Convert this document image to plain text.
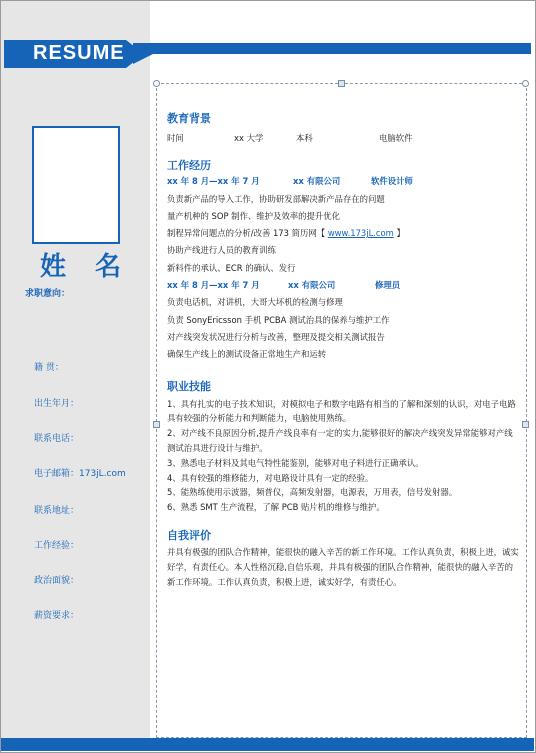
RESUME
姓 名
求职意向：
籍 贯：
出生年月：
联系电话：
电子邮箱：173jL.com
联系地址：
工作经验：
政治面貌：
薪资要求：

教育背景

时间	xx 大学	本科	电脑软件

工作经历

xx 年 8 月—xx 年 7 月	xx 有限公司	软件设计师

负责新产品的导入工作，协助研发部解决新产品存在的问题

量产机种的 SOP 制作、维护及效率的提升优化

制程异常问题点的分析/改善 173 简历网【 www.173jL.com 】

协助产线进行人员的教育训练

新料件的承认、ECR 的确认、发行

xx 年 8 月—xx 年 7 月	xx 有限公司	修理员

负责电话机，对讲机，大哥大坏机的检测与修理

负责 SonyEricsson 手机 PCBA 测试治具的保养与维护工作

对产线突发状况进行分析与改善，整理及提交相关测试报告

确保生产线上的测试设备正常地生产和运转

职业技能

1、具有扎实的电子技术知识，对模拟电子和数字电路有相当的了解和深刻的认识，对电子电路具有较强的分析能力和判断能力，电脑使用熟练。

2、对产线不良原因分析,提升产线良率有一定的实力,能够很好的解决产线突发异常能够对产线测试治具进行设计与维护。

3、熟悉电子材料及其电气特性能鉴别，能够对电子料进行正确承认。

4、具有较强的维修能力，对电路设计具有一定的经验。

5、能熟练使用示波器，频普仪，高频发射器，电源表，万用表，信号发射器。

6、熟悉 SMT 生产流程，了解 PCB 贴片机的维修与维护。

自我评价

并具有极强的团队合作精神，能很快的融入辛苦的新工作环境。工作认真负责，积极上进，诚实好学，有责任心。本人性格沉稳,自信乐观，并具有极强的团队合作精神，能很快的融入辛苦的新工作环境。工作认真负责，积极上进，诚实好学，有责任心。
